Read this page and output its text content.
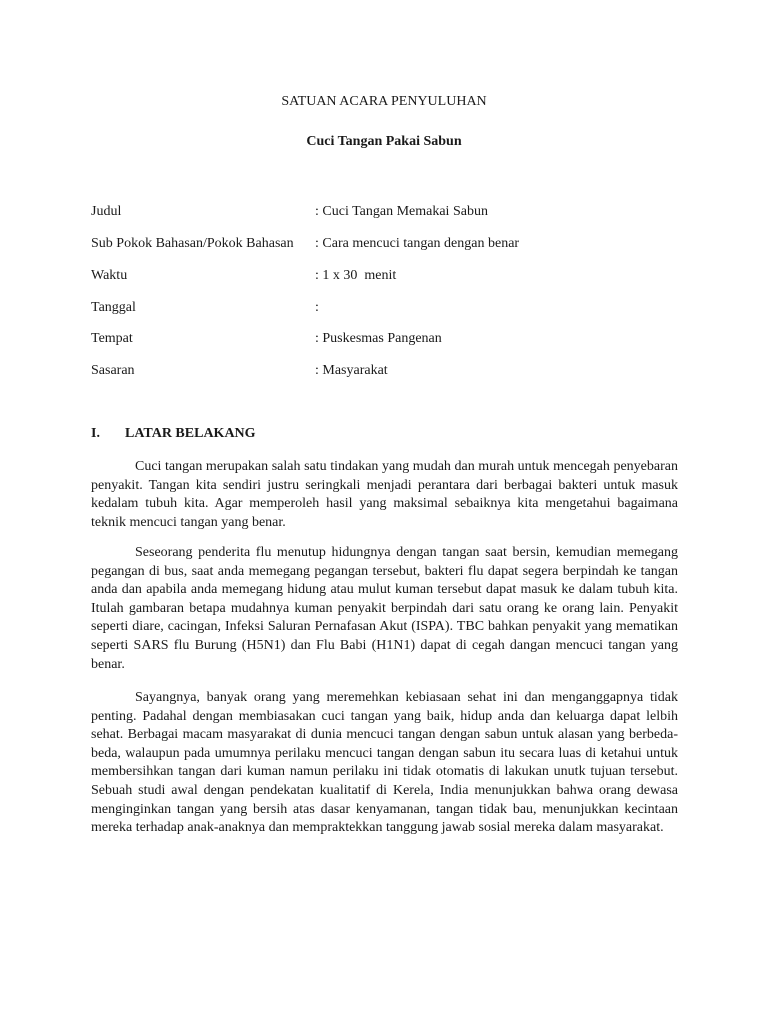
SATUAN ACARA PENYULUHAN
Cuci Tangan Pakai Sabun
Judul	: Cuci Tangan Memakai Sabun
Sub Pokok Bahasan/Pokok Bahasan : Cara mencuci tangan dengan benar
Waktu	: 1 x 30  menit
Tanggal	:
Tempat	: Puskesmas Pangenan
Sasaran	: Masyarakat
I. LATAR BELAKANG

Cuci tangan merupakan salah satu tindakan yang mudah dan murah untuk mencegah penyebaran penyakit. Tangan kita sendiri justru seringkali menjadi perantara dari berbagai bakteri untuk masuk kedalam tubuh kita. Agar memperoleh hasil yang maksimal sebaiknya kita mengetahui bagaimana teknik mencuci tangan yang benar.

Seseorang penderita flu menutup hidungnya dengan tangan saat bersin, kemudian memegang pegangan di bus, saat anda memegang pegangan tersebut, bakteri flu dapat segera berpindah ke tangan anda dan apabila anda memegang hidung atau mulut kuman tersebut dapat masuk ke dalam tubuh kita. Itulah gambaran betapa mudahnya kuman penyakit berpindah dari satu orang ke orang lain. Penyakit seperti diare, cacingan, Infeksi Saluran Pernafasan Akut (ISPA). TBC bahkan penyakit yang mematikan seperti SARS flu Burung (H5N1) dan Flu Babi (H1N1) dapat di cegah dangan mencuci tangan yang benar.

Sayangnya, banyak orang yang meremehkan kebiasaan sehat ini dan menganggapnya tidak penting. Padahal dengan membiasakan cuci tangan yang baik, hidup anda dan keluarga dapat lelbih sehat. Berbagai macam masyarakat di dunia mencuci tangan dengan sabun untuk alasan yang berbeda-beda, walaupun pada umumnya perilaku mencuci tangan dengan sabun itu secara luas di ketahui untuk membersihkan tangan dari kuman namun perilaku ini tidak otomatis di lakukan unutk tujuan tersebut. Sebuah studi awal dengan pendekatan kualitatif di Kerela, India menunjukkan bahwa orang dewasa menginginkan tangan yang bersih atas dasar kenyamanan, tangan tidak bau, menunjukkan kecintaan mereka terhadap anak-anaknya dan mempraktekkan tanggung jawab sosial mereka dalam masyarakat.
